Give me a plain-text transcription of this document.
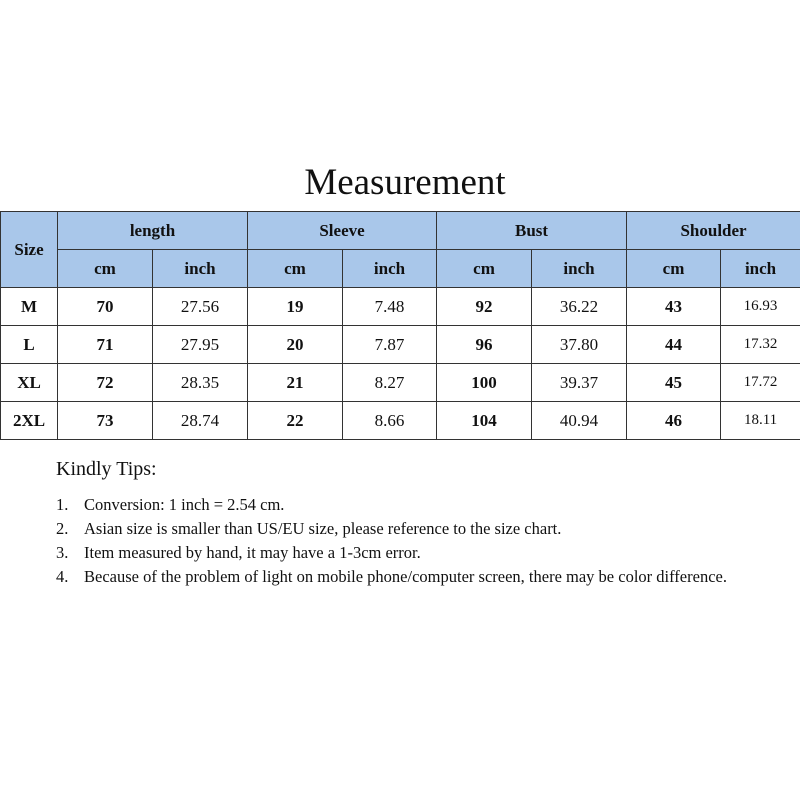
Measurement
Size	length		Sleeve		Bust		Shoulder	
	cm	inch	cm	inch	cm	inch	cm	inch
M	70	27.56	19	7.48	92	36.22	43	16.93
L	71	27.95	20	7.87	96	37.80	44	17.32
XL	72	28.35	21	8.27	100	39.37	45	17.72
2XL	73	28.74	22	8.66	104	40.94	46	18.11
Kindly Tips:
1. Conversion: 1 inch = 2.54 cm.
2. Asian size is smaller than US/EU size, please reference to the size chart.
3. Item measured by hand, it may have a 1-3cm error.
4. Because of the problem of light on mobile phone/computer screen, there may be color difference.
